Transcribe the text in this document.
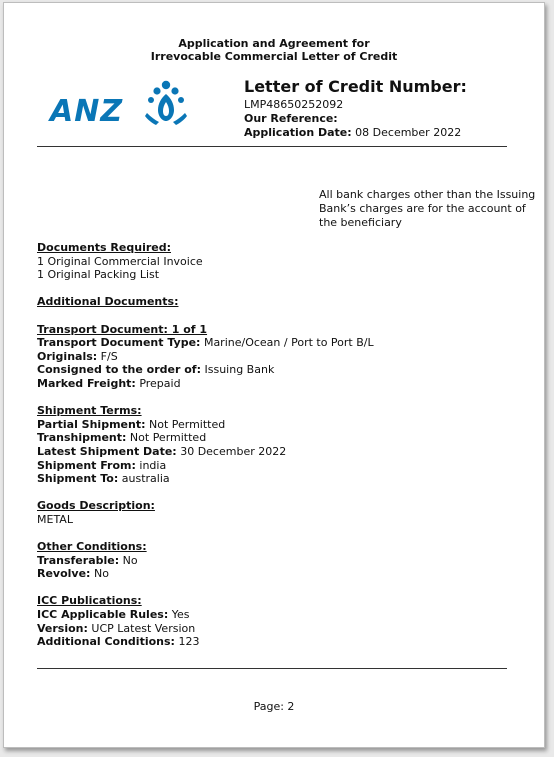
Application and Agreement for
Irrevocable Commercial Letter of Credit
ANZ
Letter of Credit Number:
LMP48650252092
Our Reference:
Application Date: 08 December 2022
All bank charges other than the Issuing Bank’s charges are for the account of the beneficiary
Documents Required:
1 Original Commercial Invoice
1 Original Packing List
Additional Documents:
Transport Document: 1 of 1
Transport Document Type: Marine/Ocean / Port to Port B/L
Originals: F/S
Consigned to the order of: Issuing Bank
Marked Freight: Prepaid
Shipment Terms:
Partial Shipment: Not Permitted
Transhipment: Not Permitted
Latest Shipment Date: 30 December 2022
Shipment From: india
Shipment To: australia
Goods Description:
METAL
Other Conditions:
Transferable: No
Revolve: No
ICC Publications:
ICC Applicable Rules: Yes
Version: UCP Latest Version
Additional Conditions: 123
Page: 2
